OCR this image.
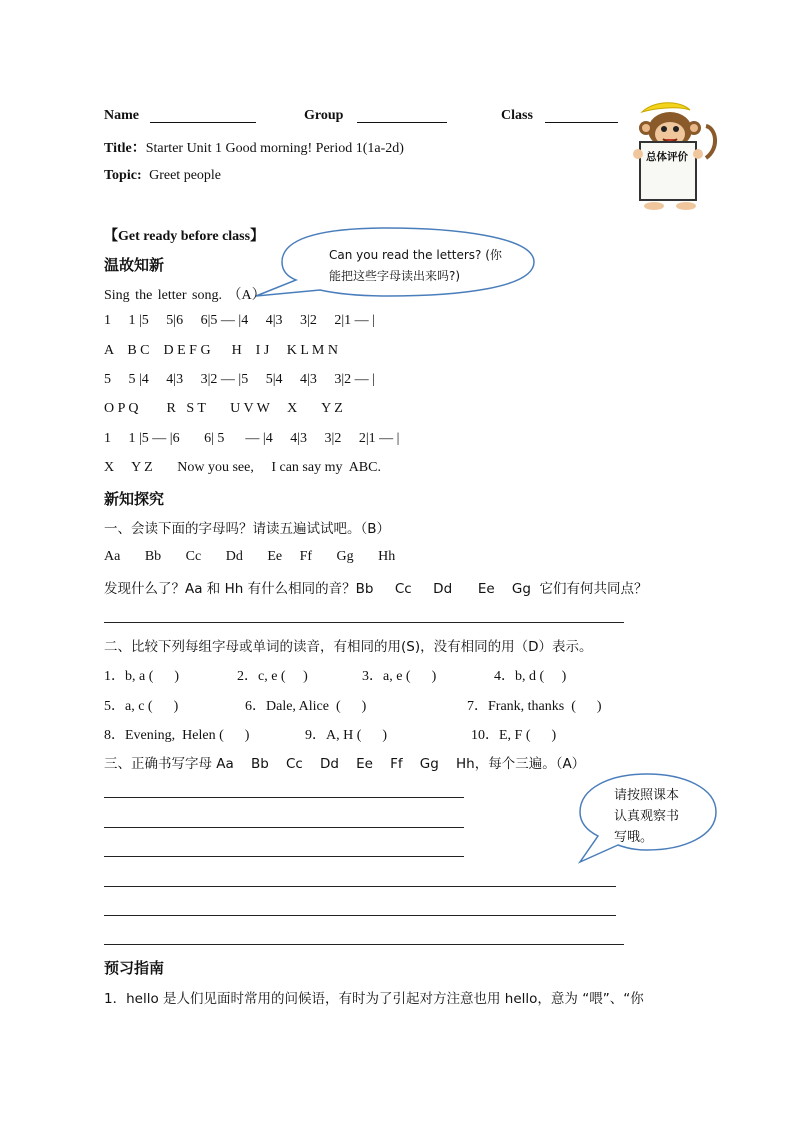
Name	Group	Class
Title：Starter Unit 1 Good morning! Period 1(1a-2d)
Topic: Greet people
总体评价
【Get ready before class】
温故知新
Can you read the letters? (你
能把这些字母读出来吗?)
Sing the letter song. （A）
1     1 |5     5|6     6|5 — |4     4|3     3|2     2|1 — |
A    B C    D E F G      H    I J     K L M N
5     5 |4     4|3     3|2 — |5     5|4     4|3     3|2 — |
O P Q        R   S T       U V W     X       Y Z
1     1 |5 — |6       6| 5      — |4     4|3     3|2     2|1 — |
X     Y Z       Now you see,     I can say my  ABC.
新知探究
一、会读下面的字母吗？请读五遍试试吧。（B）
Aa       Bb       Cc       Dd       Ee     Ff       Gg       Hh
发现什么了？Aa 和 Hh 有什么相同的音？Bb     Cc     Dd      Ee    Gg  它们有何共同点？
二、比较下列每组字母或单词的读音，有相同的用(S)，没有相同的用（D）表示。
1．b, a (      )	2．c, e (     )	3．a, e (      )	4．b, d (     )
5．a, c (      )	6．Dale, Alice  (      )	7．Frank, thanks  (      )
8．Evening,  Helen (      )	9．A, H (      )	10．E, F (      )
三、正确书写字母 Aa    Bb    Cc    Dd    Ee    Ff    Gg    Hh，每个三遍。（A）
请按照课本
认真观察书
写哦。
预习指南
1．hello 是人们见面时常用的问候语，有时为了引起对方注意也用 hello，意为 “喂”、“你
